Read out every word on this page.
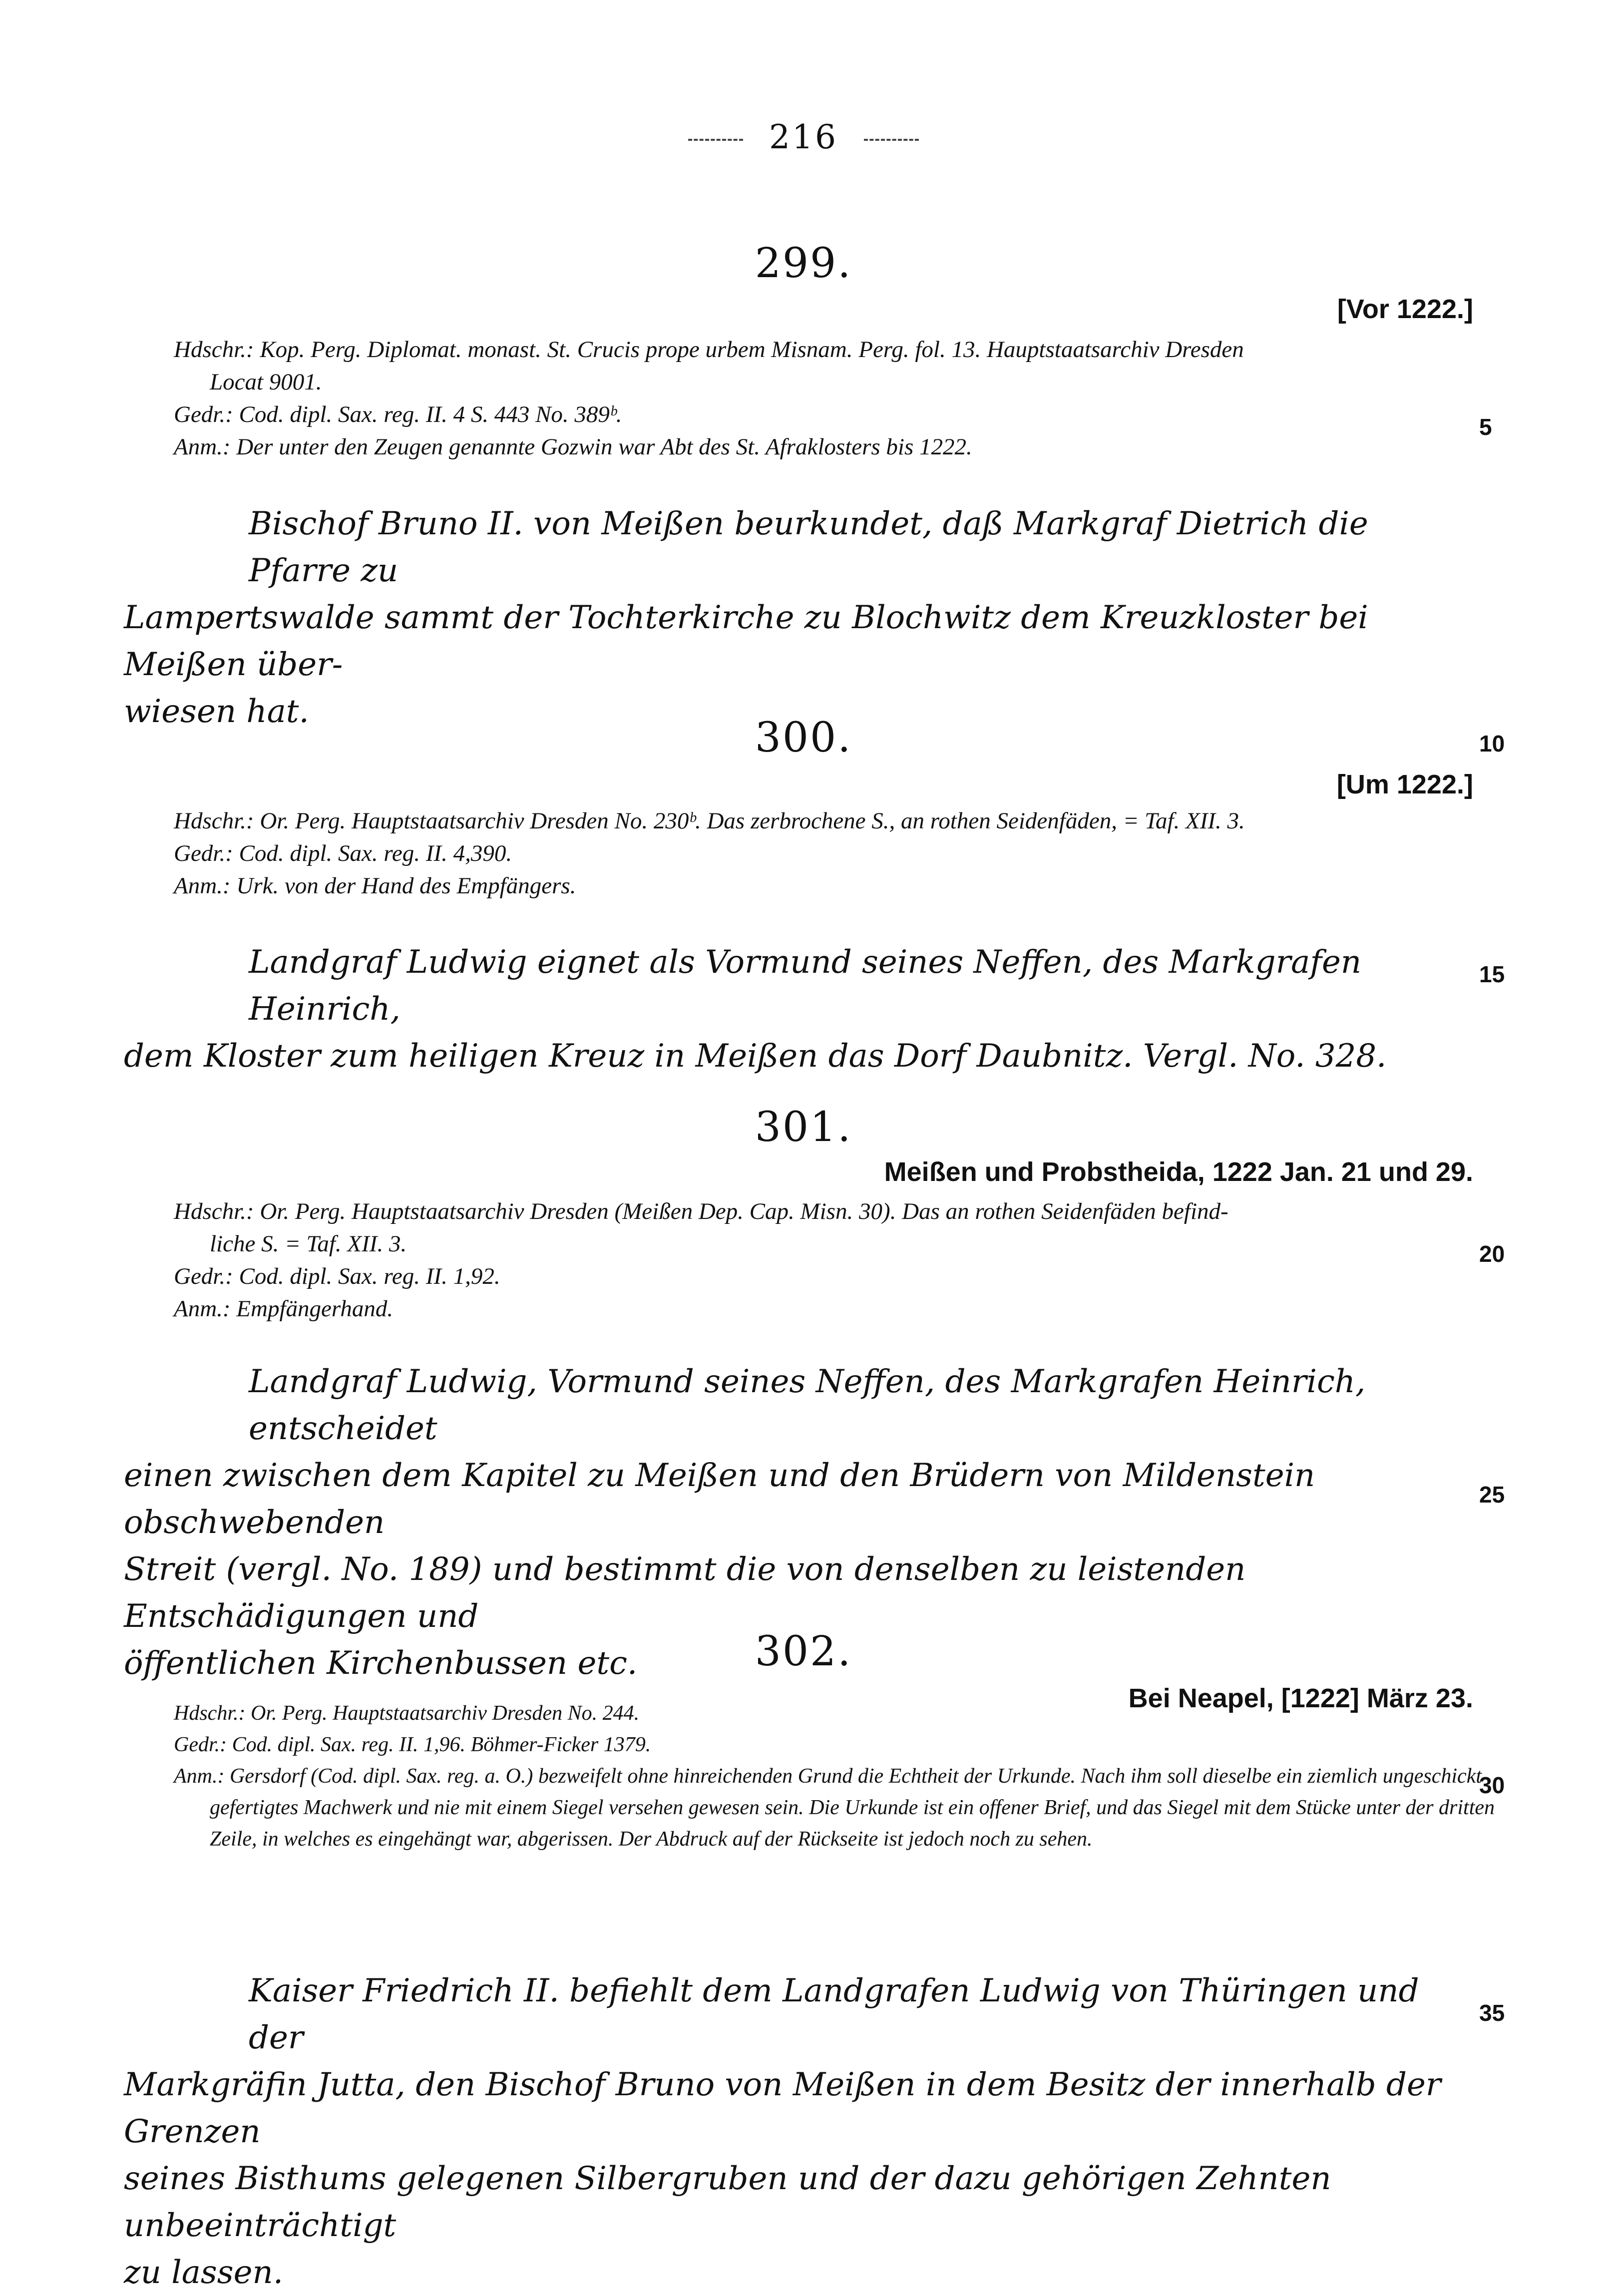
216
299.
[Vor 1222.]
Hdschr.: Kop. Perg. Diplomat. monast. St. Crucis prope urbem Misnam. Perg. fol. 13. Hauptstaatsarchiv Dresden
Locat 9001.
Gedr.: Cod. dipl. Sax. reg. II. 4 S. 443 No. 389ᵇ.
Anm.: Der unter den Zeugen genannte Gozwin war Abt des St. Afraklosters bis 1222.
Bischof Bruno II. von Meißen beurkundet, daß Markgraf Dietrich die Pfarre zu
Lampertswalde sammt der Tochterkirche zu Blochwitz dem Kreuzkloster bei Meißen über-
wiesen hat.
300.
[Um 1222.]
Hdschr.: Or. Perg. Hauptstaatsarchiv Dresden No. 230ᵇ. Das zerbrochene S., an rothen Seidenfäden, = Taf. XII. 3.
Gedr.: Cod. dipl. Sax. reg. II. 4,390.
Anm.: Urk. von der Hand des Empfängers.
Landgraf Ludwig eignet als Vormund seines Neffen, des Markgrafen Heinrich,
dem Kloster zum heiligen Kreuz in Meißen das Dorf Daubnitz. Vergl. No. 328.
301.
Meißen und Probstheida, 1222 Jan. 21 und 29.
Hdschr.: Or. Perg. Hauptstaatsarchiv Dresden (Meißen Dep. Cap. Misn. 30). Das an rothen Seidenfäden befind-
liche S. = Taf. XII. 3.
Gedr.: Cod. dipl. Sax. reg. II. 1,92.
Anm.: Empfängerhand.
Landgraf Ludwig, Vormund seines Neffen, des Markgrafen Heinrich, entscheidet
einen zwischen dem Kapitel zu Meißen und den Brüdern von Mildenstein obschwebenden
Streit (vergl. No. 189) und bestimmt die von denselben zu leistenden Entschädigungen und
öffentlichen Kirchenbussen etc.	302.
Bei Neapel, [1222] März 23.
Hdschr.: Or. Perg. Hauptstaatsarchiv Dresden No. 244.
Gedr.: Cod. dipl. Sax. reg. II. 1,96. Böhmer-Ficker 1379.
Anm.: Gersdorf (Cod. dipl. Sax. reg. a. O.) bezweifelt ohne hinreichenden Grund die Echtheit der Urkunde. Nach ihm soll dieselbe ein ziemlich ungeschickt gefertigtes Machwerk und nie mit einem Siegel versehen gewesen sein. Die Urkunde ist ein offener Brief, und das Siegel mit dem Stücke unter der dritten Zeile, in welches es eingehängt war, abgerissen. Der Abdruck auf der Rückseite ist jedoch noch zu sehen.
Kaiser Friedrich II. befiehlt dem Landgrafen Ludwig von Thüringen und der
Markgräfin Jutta, den Bischof Bruno von Meißen in dem Besitz der innerhalb der Grenzen
seines Bisthums gelegenen Silbergruben und der dazu gehörigen Zehnten unbeeinträchtigt
zu lassen.
5
10
15
20
25
30
35
